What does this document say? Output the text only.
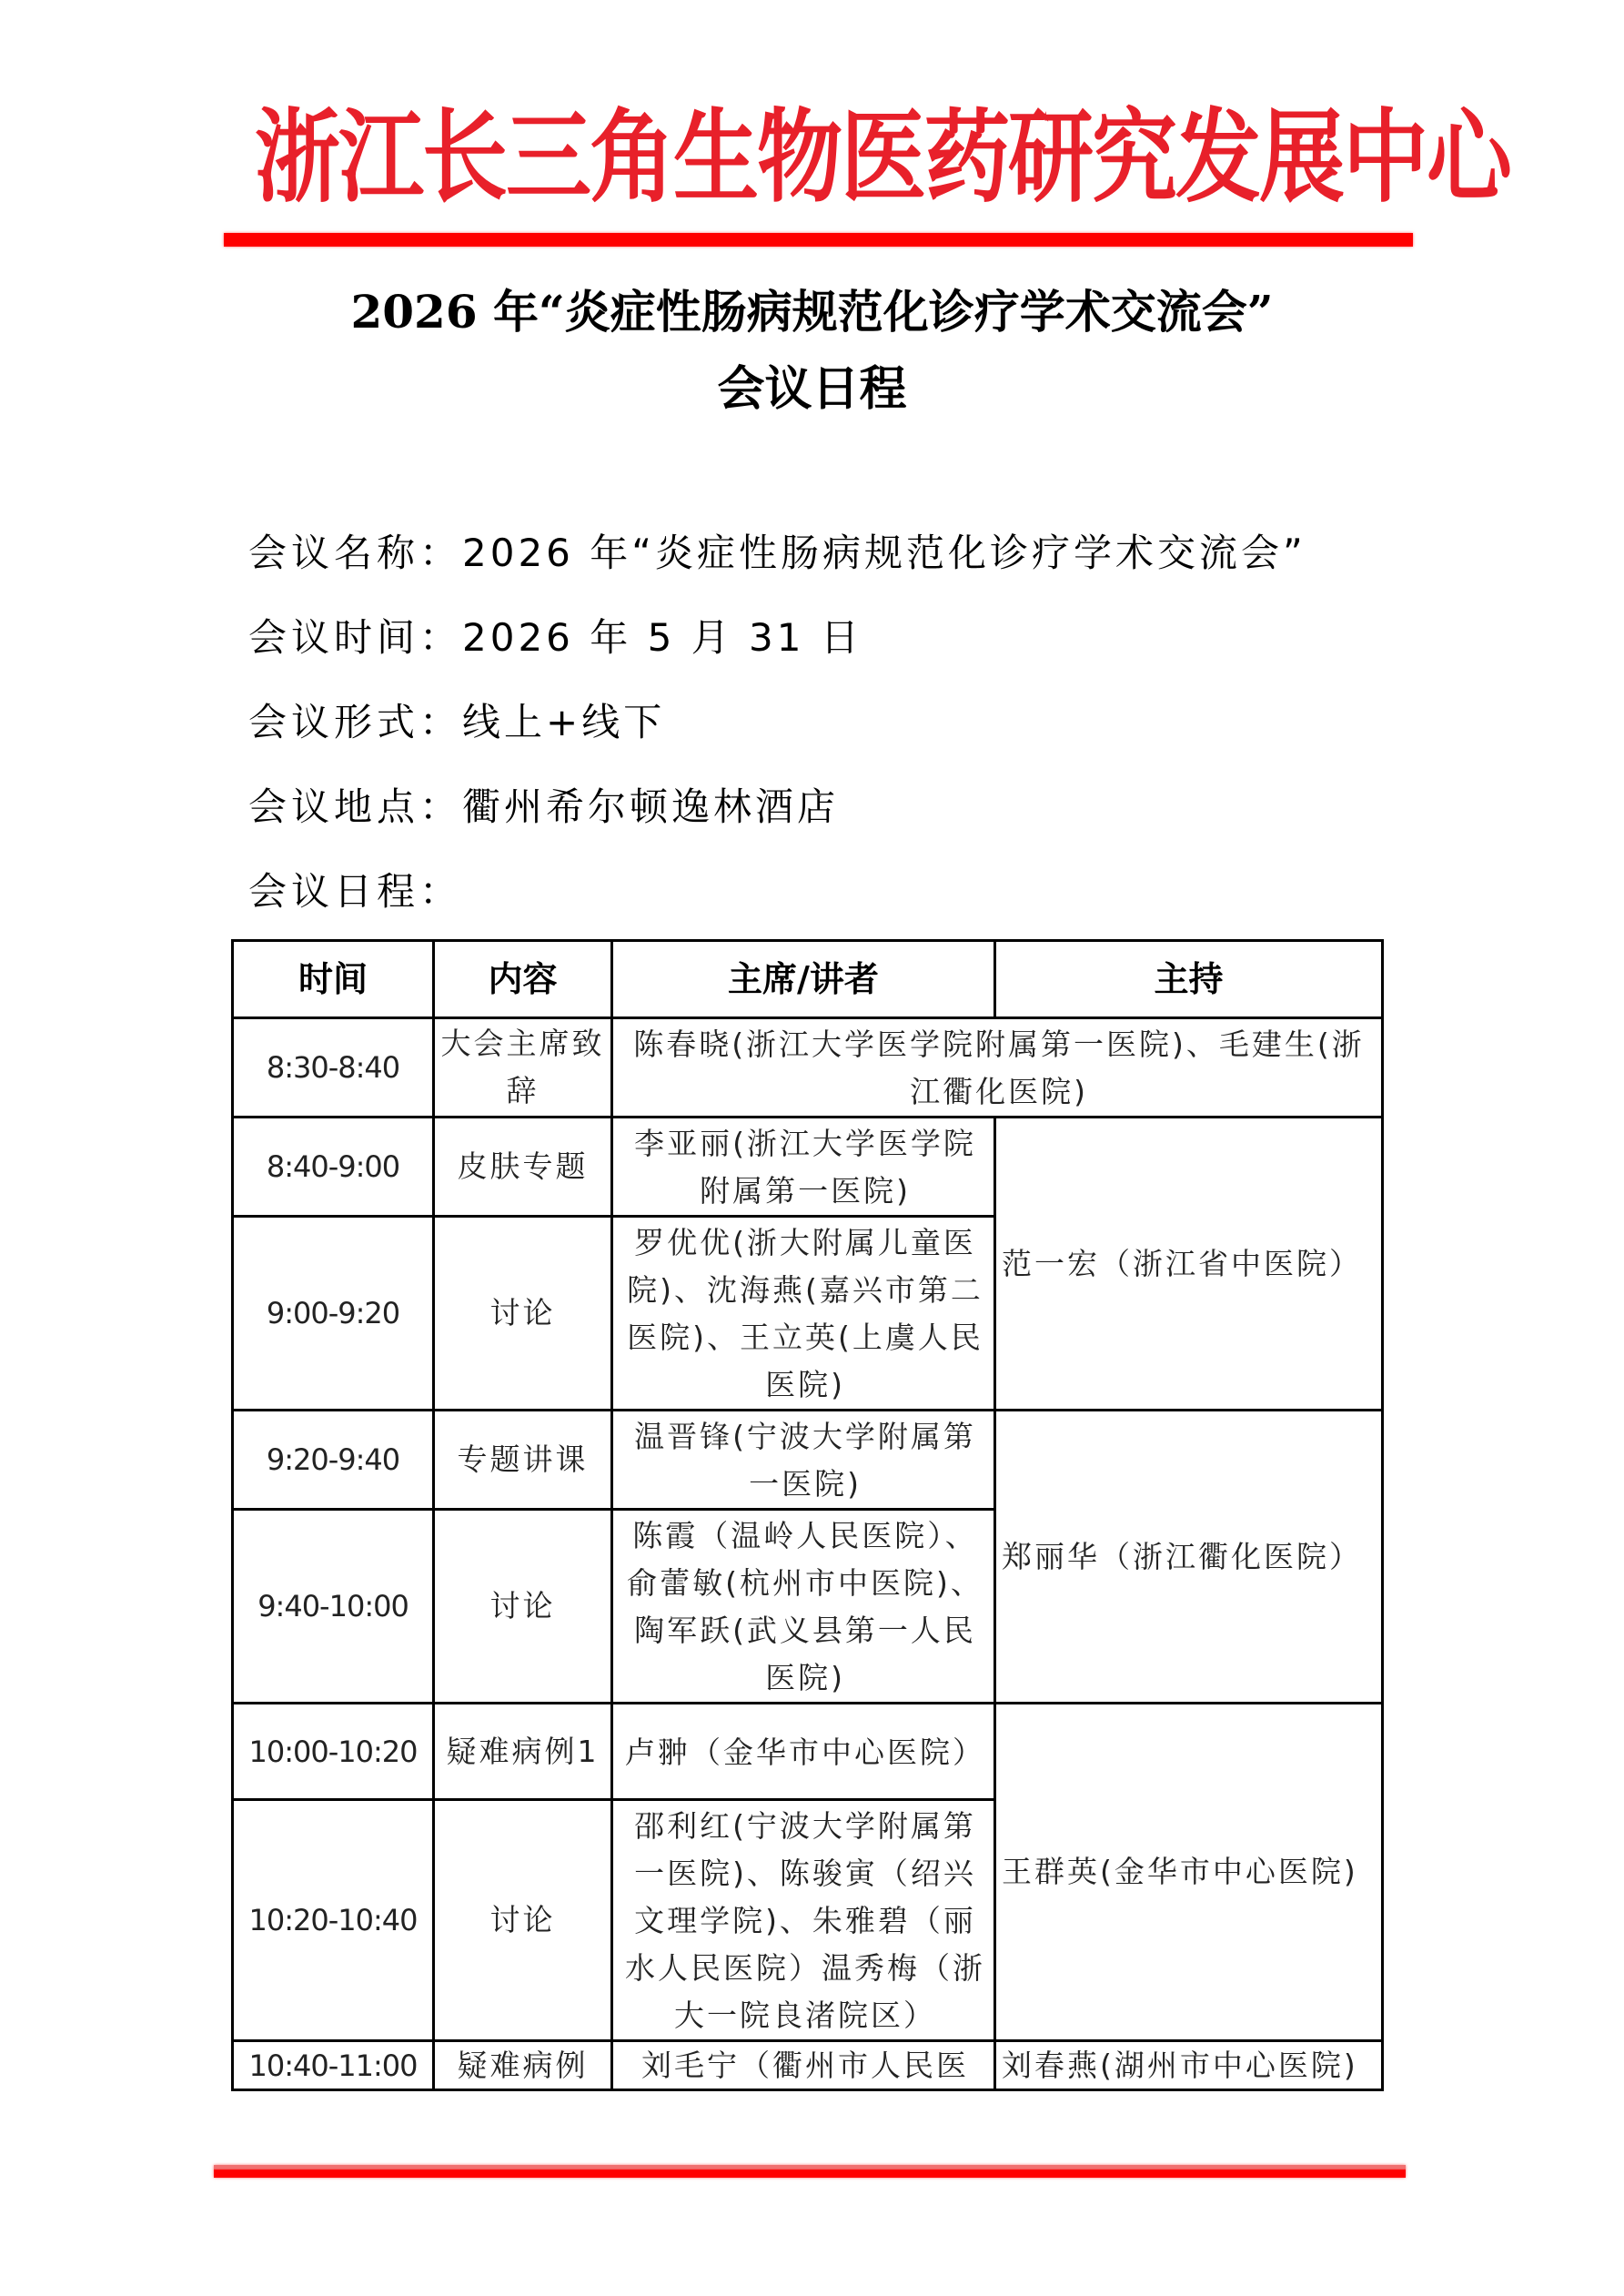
浙江长三角生物医药研究发展中心
2026 年“炎症性肠病规范化诊疗学术交流会”
会议日程
会议名称：2026 年“炎症性肠病规范化诊疗学术交流会”
会议时间：2026 年 5 月 31 日
会议形式：线上+线下
会议地点：衢州希尔顿逸林酒店
会议日程：
时间	内容	主席/讲者	主持
8:30-8:40	大会主席致辞	陈春晓(浙江大学医学院附属第一医院)、毛建生(浙江衢化医院)	
8:40-9:00	皮肤专题	李亚丽(浙江大学医学院附属第一医院)	范一宏（浙江省中医院）
9:00-9:20	讨论	罗优优(浙大附属儿童医院)、沈海燕(嘉兴市第二医院)、王立英(上虞人民医院)	
9:20-9:40	专题讲课	温晋锋(宁波大学附属第一医院)	郑丽华（浙江衢化医院）
9:40-10:00	讨论	陈霞（温岭人民医院）、俞蕾敏(杭州市中医院)、陶军跃(武义县第一人民医院)	
10:00-10:20	疑难病例1	卢翀（金华市中心医院）	王群英(金华市中心医院)
10:20-10:40	讨论	邵利红(宁波大学附属第一医院)、陈骏寅（绍兴文理学院)、朱雅碧（丽水人民医院）温秀梅（浙大一院良渚院区）	
10:40-11:00	疑难病例	刘毛宁（衢州市人民医	刘春燕(湖州市中心医院)
